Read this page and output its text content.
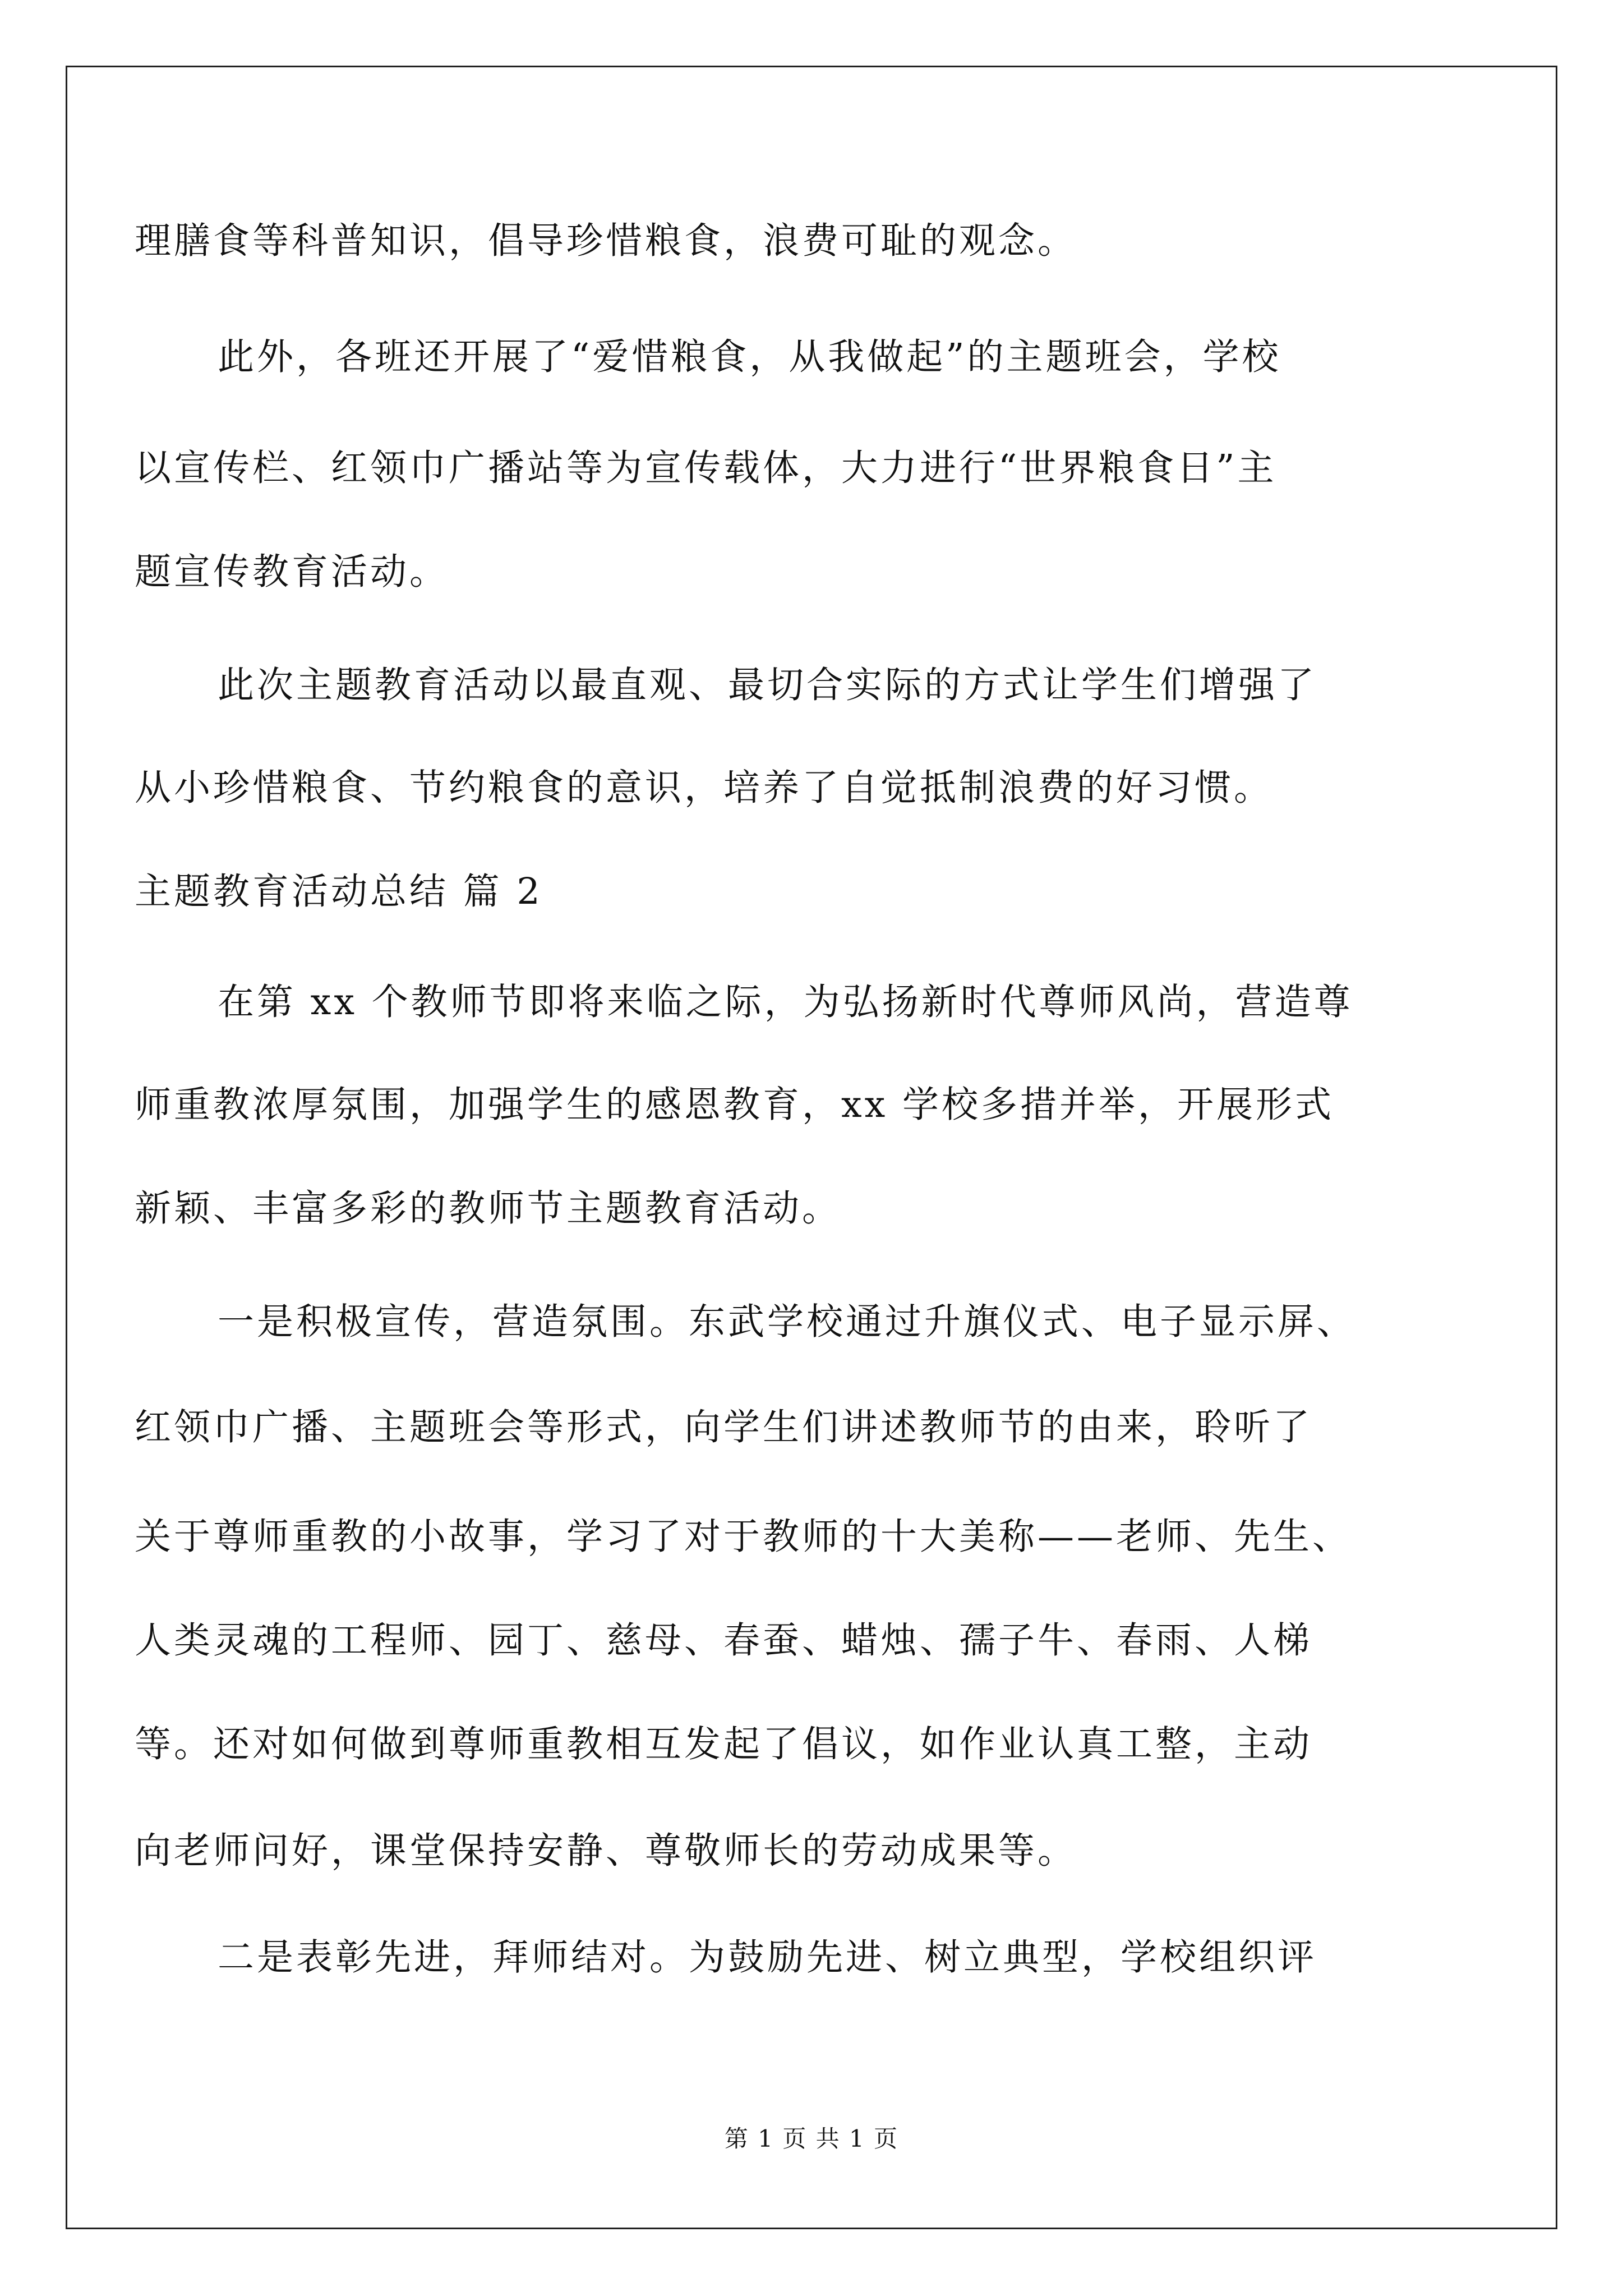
理膳食等科普知识，倡导珍惜粮食，浪费可耻的观念。
此外，各班还开展了“爱惜粮食，从我做起”的主题班会，学校
以宣传栏、红领巾广播站等为宣传载体，大力进行“世界粮食日”主
题宣传教育活动。
此次主题教育活动以最直观、最切合实际的方式让学生们增强了
从小珍惜粮食、节约粮食的意识，培养了自觉抵制浪费的好习惯。
主题教育活动总结 篇 2
在第 xx 个教师节即将来临之际，为弘扬新时代尊师风尚，营造尊
师重教浓厚氛围，加强学生的感恩教育，xx 学校多措并举，开展形式
新颖、丰富多彩的教师节主题教育活动。
一是积极宣传，营造氛围。东武学校通过升旗仪式、电子显示屏、
红领巾广播、主题班会等形式，向学生们讲述教师节的由来，聆听了
关于尊师重教的小故事，学习了对于教师的十大美称——老师、先生、
人类灵魂的工程师、园丁、慈母、春蚕、蜡烛、孺子牛、春雨、人梯
等。还对如何做到尊师重教相互发起了倡议，如作业认真工整，主动
向老师问好，课堂保持安静、尊敬师长的劳动成果等。
二是表彰先进，拜师结对。为鼓励先进、树立典型，学校组织评
第 1 页 共 1 页
